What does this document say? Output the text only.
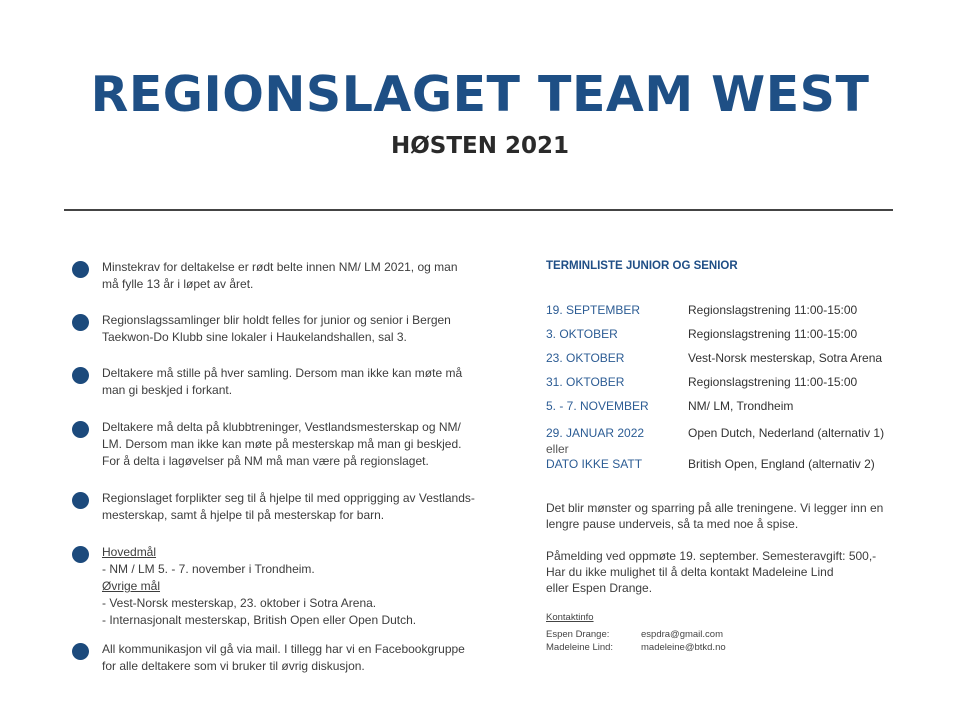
REGIONSLAGET TEAM WEST
HØSTEN 2021
Minstekrav for deltakelse er rødt belte innen NM/ LM 2021, og man
må fylle 13 år i løpet av året.
Regionslagssamlinger blir holdt felles for junior og senior i Bergen
Taekwon-Do Klubb sine lokaler i Haukelandshallen, sal 3.
Deltakere må stille på hver samling. Dersom man ikke kan møte må
man gi beskjed i forkant.
Deltakere må delta på klubbtreninger, Vestlandsmesterskap og NM/
LM. Dersom man ikke kan møte på mesterskap må man gi beskjed.
For å delta i lagøvelser på NM må man være på regionslaget.
Regionslaget forplikter seg til å hjelpe til med opprigging av Vestlands-
mesterskap, samt å hjelpe til på mesterskap for barn.
Hovedmål
- NM / LM 5. - 7. november i Trondheim.
Øvrige mål
- Vest-Norsk mesterskap, 23. oktober i Sotra Arena.
- Internasjonalt mesterskap, British Open eller Open Dutch.
All kommunikasjon vil gå via mail. I tillegg har vi en Facebookgruppe
for alle deltakere som vi bruker til øvrig diskusjon.
TERMINLISTE JUNIOR OG SENIOR
19. SEPTEMBER	Regionslagstrening 11:00-15:00
3. OKTOBER	Regionslagstrening 11:00-15:00
23. OKTOBER	Vest-Norsk mesterskap, Sotra Arena
31. OKTOBER	Regionslagstrening 11:00-15:00
5. - 7. NOVEMBER	NM/ LM, Trondheim
29. JANUAR 2022	Open Dutch, Nederland (alternativ 1)
eller
DATO IKKE SATT	British Open, England (alternativ 2)
Det blir mønster og sparring på alle treningene. Vi legger inn en
lengre pause underveis, så ta med noe å spise.
Påmelding ved oppmøte 19. september. Semesteravgift: 500,-
Har du ikke mulighet til å delta kontakt Madeleine Lind
eller Espen Drange.
Kontaktinfo
Espen Drange:	espdra@gmail.com
Madeleine Lind:	madeleine@btkd.no
